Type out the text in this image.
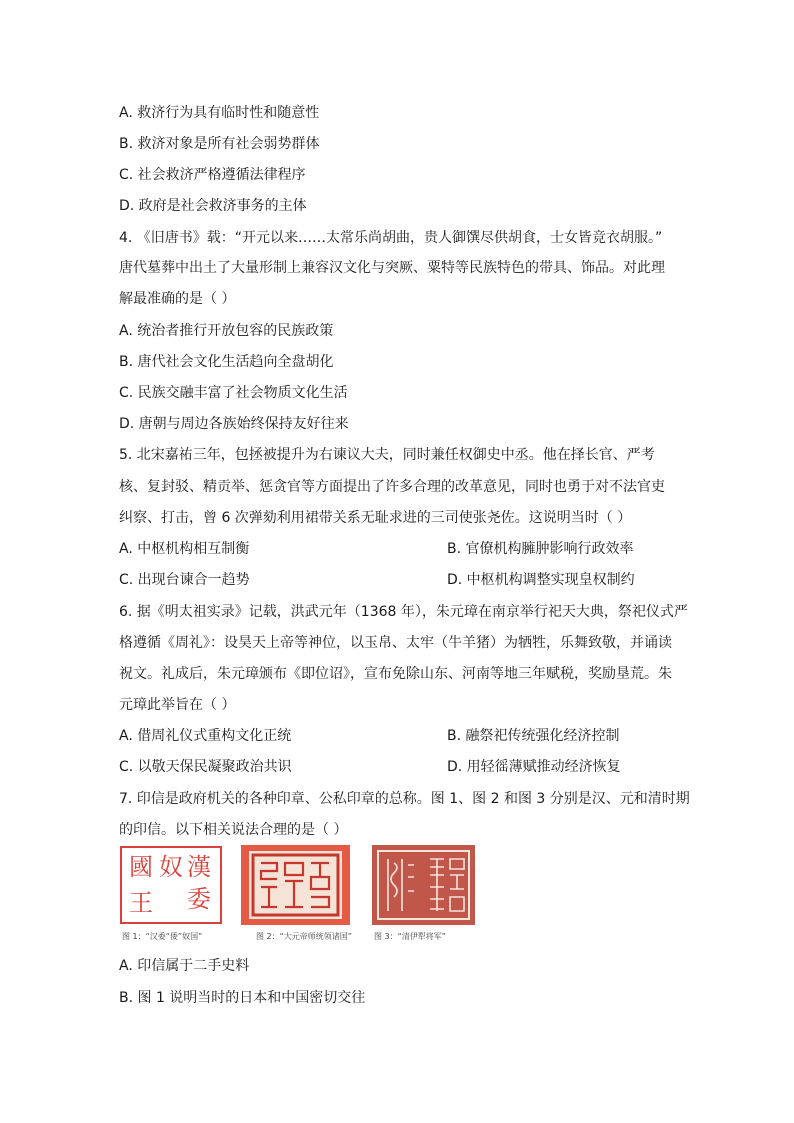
A. 救济行为具有临时性和随意性
B. 救济对象是所有社会弱势群体
C. 社会救济严格遵循法律程序
D. 政府是社会救济事务的主体
4. 《旧唐书》载：“开元以来……太常乐尚胡曲，贵人御馔尽供胡食，士女皆竞衣胡服。”
唐代墓葬中出土了大量形制上兼容汉文化与突厥、粟特等民族特色的带具、饰品。对此理
解最准确的是（ ）
A. 统治者推行开放包容的民族政策
B. 唐代社会文化生活趋向全盘胡化
C. 民族交融丰富了社会物质文化生活
D. 唐朝与周边各族始终保持友好往来
5. 北宋嘉祐三年，包拯被提升为右谏议大夫，同时兼任权御史中丞。他在择长官、严考
核、复封驳、精贡举、惩贪官等方面提出了许多合理的改革意见，同时也勇于对不法官吏
纠察、打击，曾 6 次弹劾利用裙带关系无耻求进的三司使张尧佐。这说明当时（ ）
A. 中枢机构相互制衡	B. 官僚机构臃肿影响行政效率
C. 出现台谏合一趋势	D. 中枢机构调整实现皇权制约
6. 据《明太祖实录》记载，洪武元年（1368 年），朱元璋在南京举行祀天大典，祭祀仪式严
格遵循《周礼》：设昊天上帝等神位，以玉帛、太牢（牛羊猪）为牺牲，乐舞致敬，并诵读
祝文。礼成后，朱元璋颁布《即位诏》，宣布免除山东、河南等地三年赋税，奖励垦荒。朱
元璋此举旨在（ ）
A. 借周礼仪式重构文化正统	B. 融祭祀传统强化经济控制
C. 以敬天保民凝聚政治共识	D. 用轻徭薄赋推动经济恢复
7. 印信是政府机关的各种印章、公私印章的总称。图 1、图 2 和图 3 分别是汉、元和清时期
的印信。以下相关说法合理的是（ ）
漢
委
奴
國
王
图 1：“汉委“倭”奴国”	图 2：“大元帝师统领诸国”	图 3：“清伊犁将军”
A. 印信属于二手史料
B. 图 1 说明当时的日本和中国密切交往
